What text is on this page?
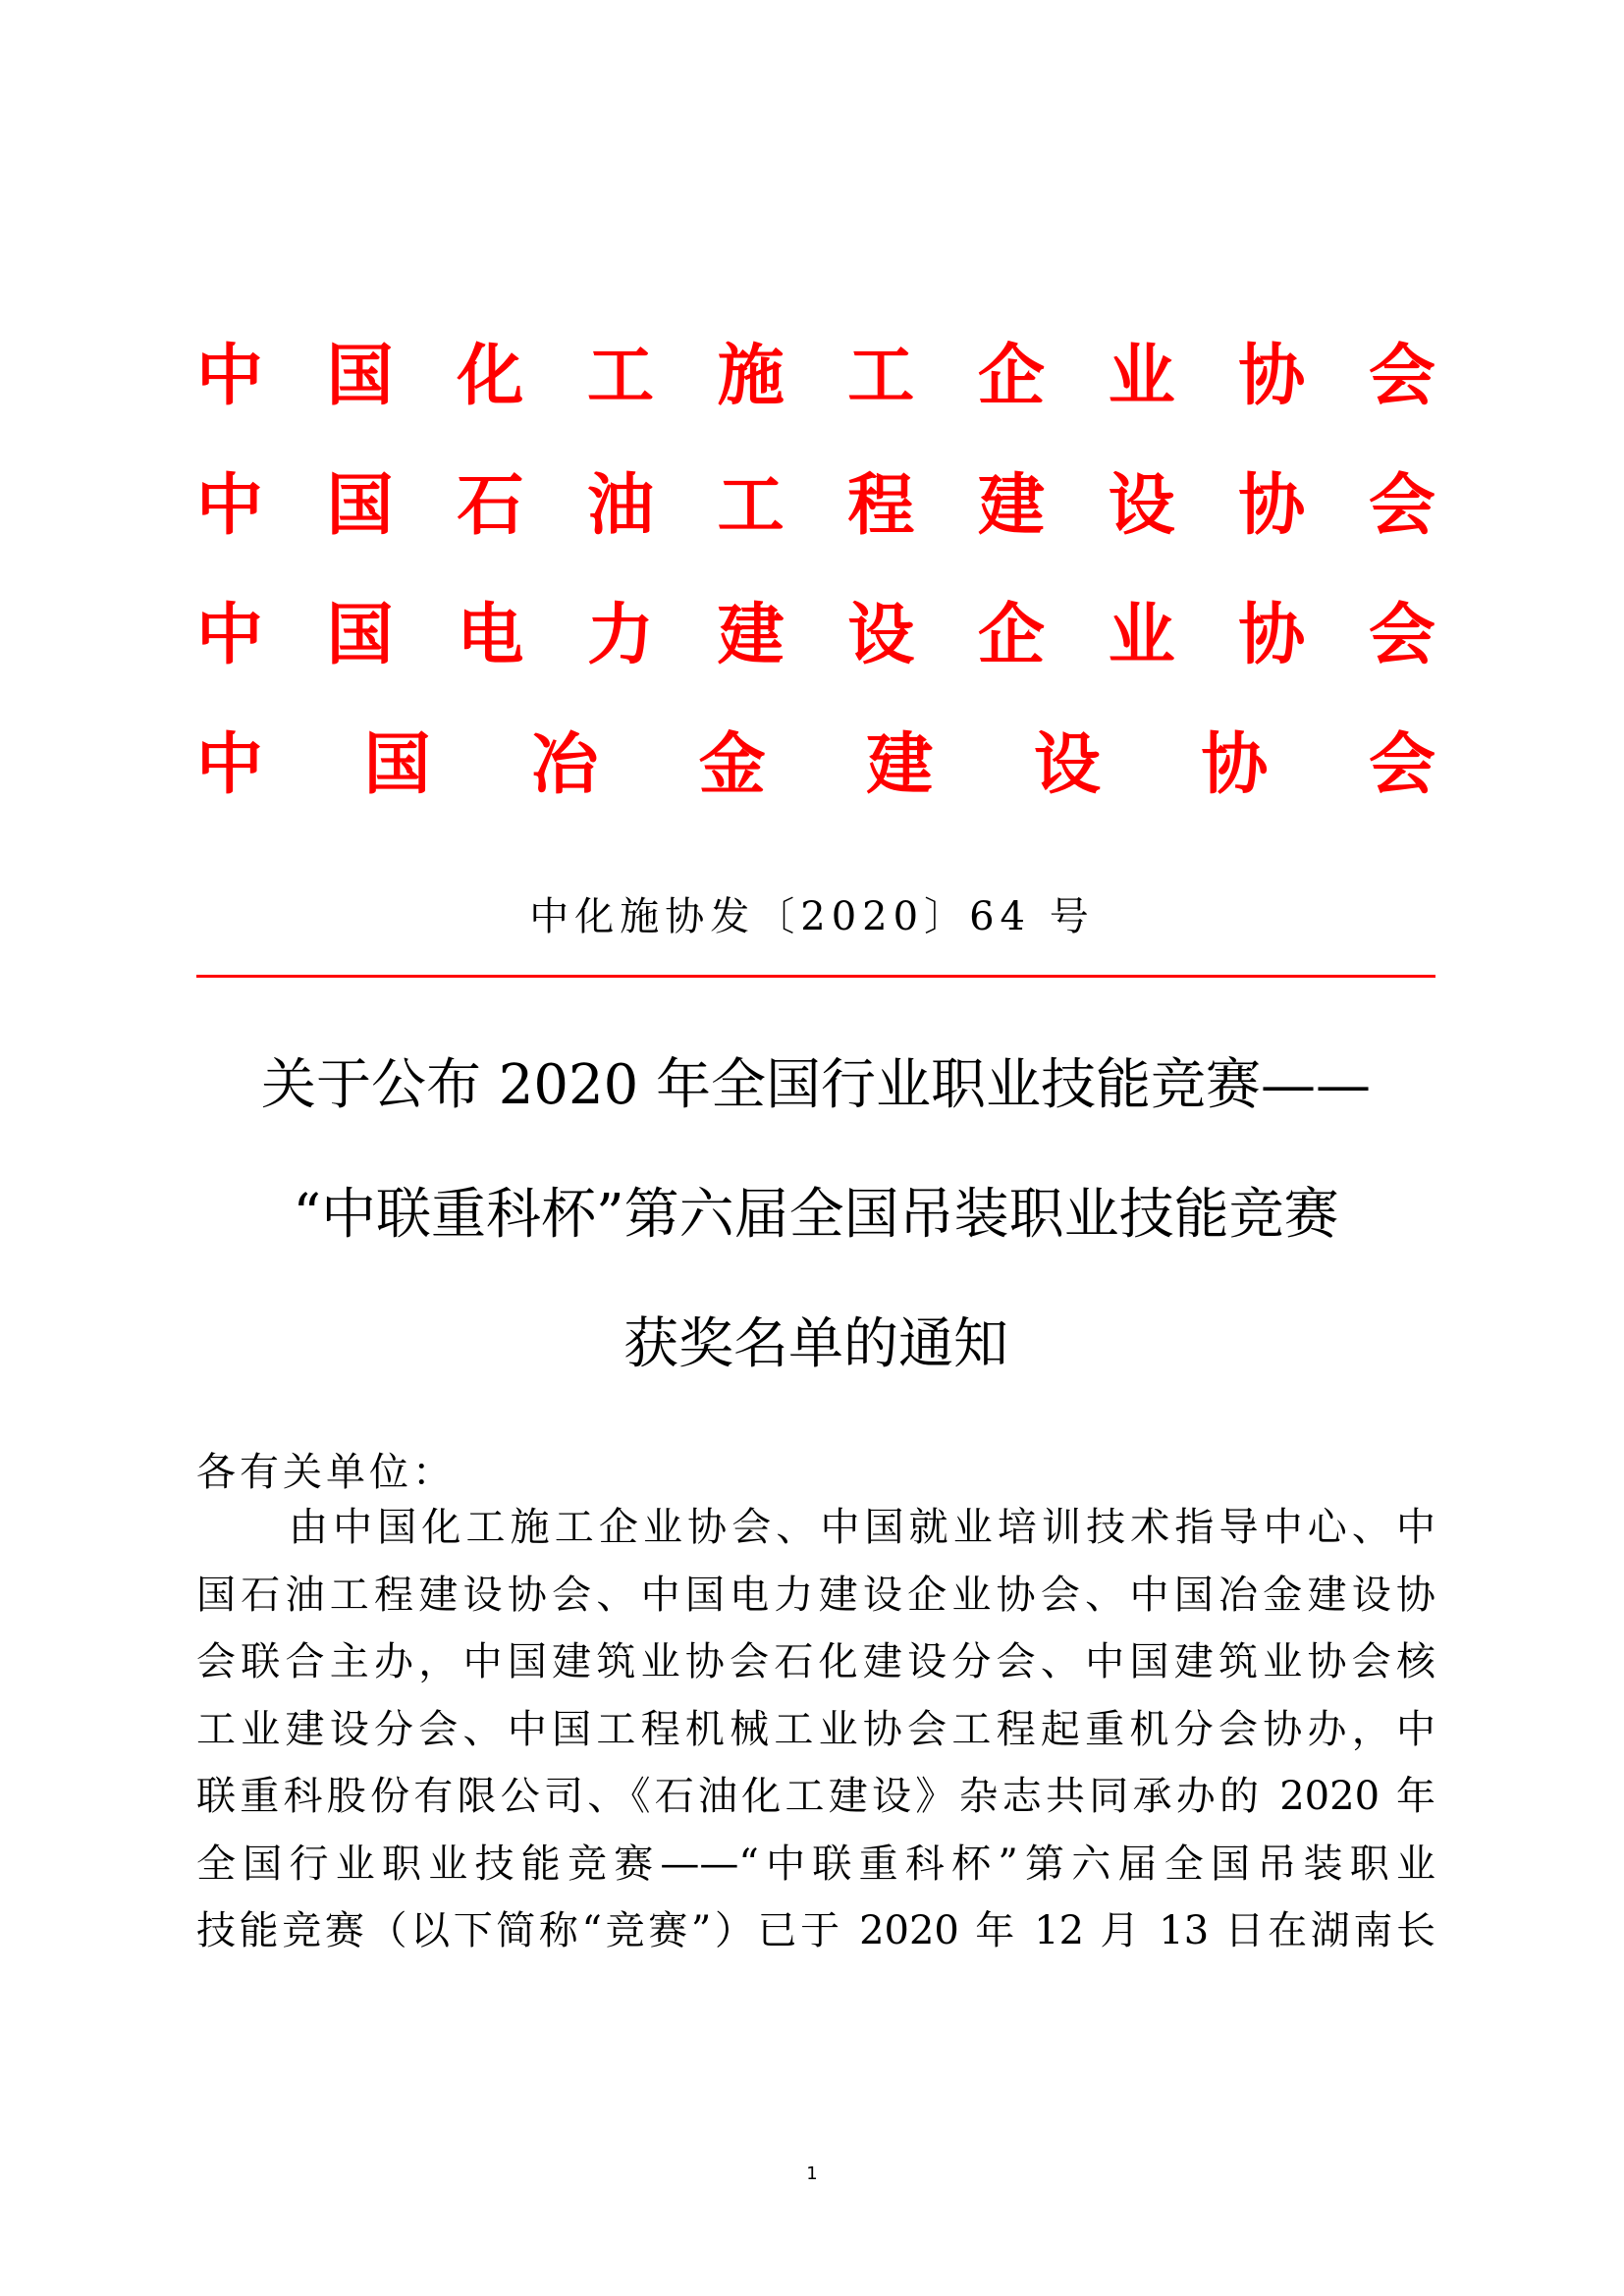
中 国 化 工 施 工 企 业 协 会
中 国 石 油 工 程 建 设 协 会
中 国 电 力 建 设 企 业 协 会
中 国 冶 金 建 设 协 会
中化施协发〔2020〕64 号
关于公布 2020 年全国行业职业技能竞赛——
“中联重科杯”第六届全国吊装职业技能竞赛
获奖名单的通知
各有关单位：
由中国化工施工企业协会、中国就业培训技术指导中心、中
国石油工程建设协会、中国电力建设企业协会、中国冶金建设协
会联合主办，中国建筑业协会石化建设分会、中国建筑业协会核
工业建设分会、中国工程机械工业协会工程起重机分会协办，中
联重科股份有限公司、《石油化工建设》杂志共同承办的 2020 年
全国行业职业技能竞赛——“中联重科杯”第六届全国吊装职业
技能竞赛（以下简称“竞赛”）已于 2020 年 12 月 13 日在湖南长
1
